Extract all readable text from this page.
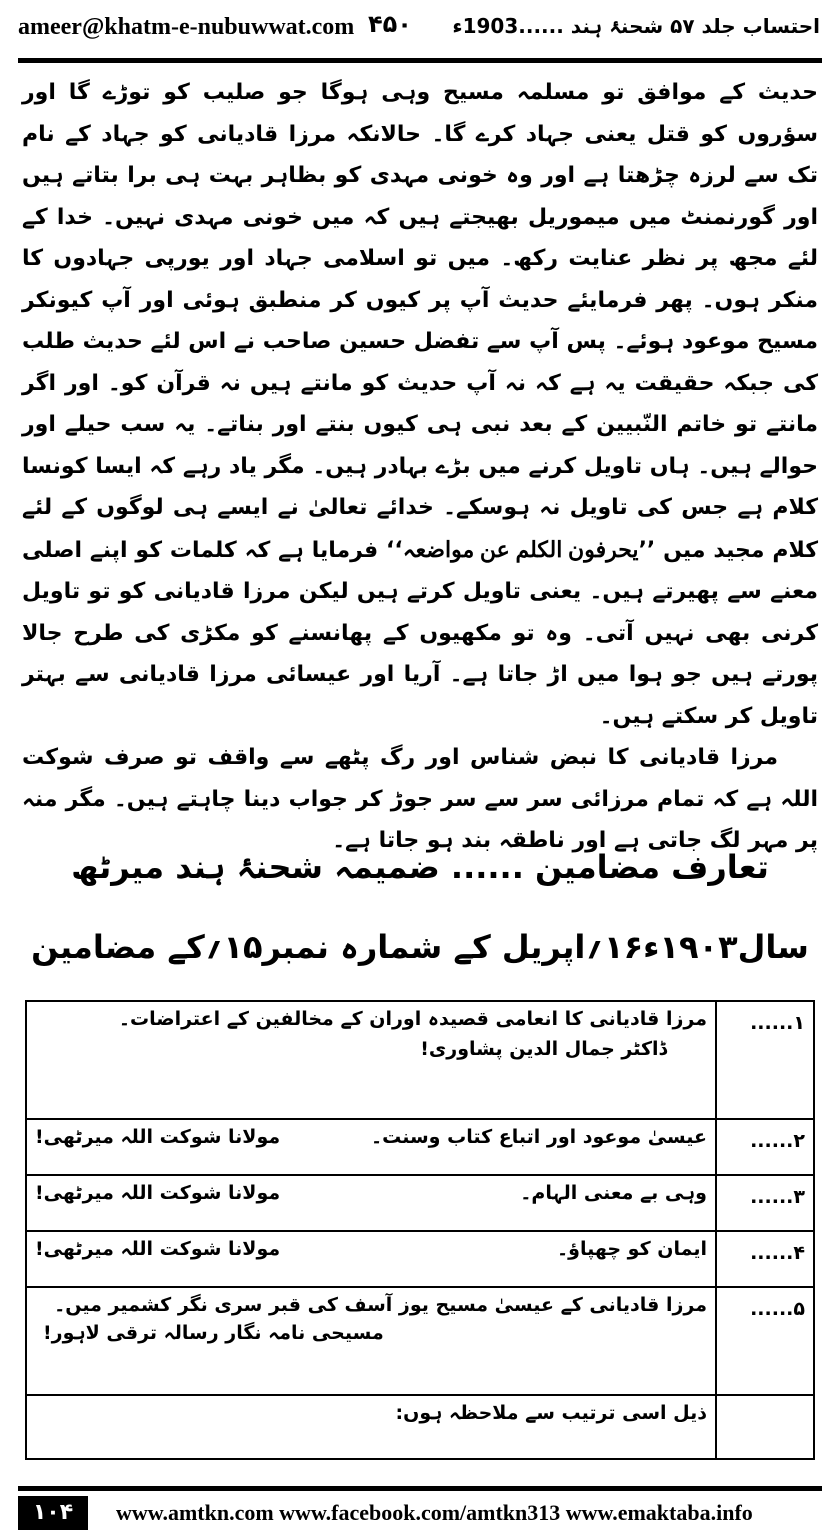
ameer@khatm-e-nubuwwat.com ۴۵۰ احتساب جلد ۵۷ شحنۂ ہند ......1903ء

حدیث کے موافق تو مسلمہ مسیح وہی ہوگا جو صلیب کو توڑے گا اور سؤروں کو قتل یعنی جہاد کرے گا۔ حالانکہ مرزا قادیانی کو جہاد کے نام تک سے لرزہ چڑھتا ہے اور وہ خونی مہدی کو بظاہر بہت ہی برا بتاتے ہیں اور گورنمنٹ میں میموریل بھیجتے ہیں کہ میں خونی مہدی نہیں۔ خدا کے لئے مجھ پر نظر عنایت رکھ۔ میں تو اسلامی جہاد اور یورپی جہادوں کا منکر ہوں۔ پھر فرمایئے حدیث آپ پر کیوں کر منطبق ہوئی اور آپ کیونکر مسیح موعود ہوئے۔ پس آپ سے تفضل حسین صاحب نے اس لئے حدیث طلب کی جبکہ حقیقت یہ ہے کہ نہ آپ حدیث کو مانتے ہیں نہ قرآن کو۔ اور اگر مانتے تو خاتم النّبیین کے بعد نبی ہی کیوں بنتے اور بناتے۔ یہ سب حیلے اور حوالے ہیں۔ ہاں تاویل کرنے میں بڑے بہادر ہیں۔ مگر یاد رہے کہ ایسا کونسا کلام ہے جس کی تاویل نہ ہوسکے۔ خدائے تعالیٰ نے ایسے ہی لوگوں کے لئے کلام مجید میں ’’یحرفون الکلم عن مواضعہ‘‘ فرمایا ہے کہ کلمات کو اپنے اصلی معنے سے پھیرتے ہیں۔ یعنی تاویل کرتے ہیں لیکن مرزا قادیانی کو تو تاویل کرنی بھی نہیں آتی۔ وہ تو مکھیوں کے پھانسنے کو مکڑی کی طرح جالا پورتے ہیں جو ہوا میں اڑ جاتا ہے۔ آریا اور عیسائی مرزا قادیانی سے بہتر تاویل کر سکتے ہیں۔

مرزا قادیانی کا نبض شناس اور رگ پٹھے سے واقف تو صرف شوکت اللہ ہے کہ تمام مرزائی سر سے سر جوڑ کر جواب دینا چاہتے ہیں۔ مگر منہ پر مہر لگ جاتی ہے اور ناطقہ بند ہو جاتا ہے۔

تعارف مضامین ...... ضمیمہ شحنۂ ہند میرٹھ
سال۱۹۰۳ء۱۶؍اپریل کے شمارہ نمبر۱۵؍کے مضامین
۱......	مرزا قادیانی کا انعامی قصیدہ اوران کے مخالفین کے اعتراضات۔
ڈاکٹر جمال الدین پشاوری!

۲......	مولانا شوکت اللہ میرٹھی! عیسیٰ موعود اور اتباع کتاب وسنت۔
۳......	مولانا شوکت اللہ میرٹھی! وہی بے معنی الہام۔
۴......	مولانا شوکت اللہ میرٹھی! ایمان کو چھپاؤ۔
۵......	مرزا قادیانی کے عیسیٰ مسیح یوز آسف کی قبر سری نگر کشمیر میں۔
مسیحی نامہ نگار رسالہ ترقی لاہور!

	ذیل اسی ترتیب سے ملاحظہ ہوں:
۱۰۴	www.amtkn.com www.facebook.com/amtkn313 www.emaktaba.info
